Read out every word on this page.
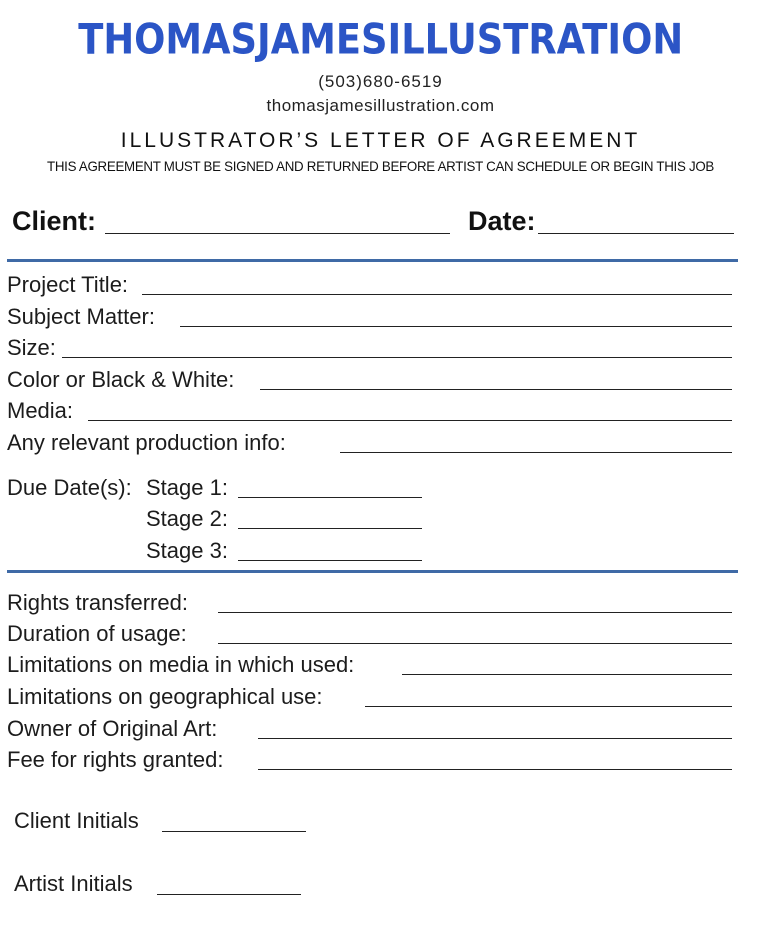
THOMASJAMESILLUSTRATION
(503)680-6519
thomasjamesillustration.com
ILLUSTRATOR’S LETTER OF AGREEMENT
THIS AGREEMENT MUST BE SIGNED AND RETURNED BEFORE ARTIST CAN SCHEDULE OR BEGIN THIS JOB
Client:	Date:
Project Title:
Subject Matter:
Size:
Color or Black & White:
Media:
Any relevant production info:
Due Date(s): Stage 1:
Stage 2:
Stage 3:
Rights transferred:
Duration of usage:
Limitations on media in which used:
Limitations on geographical use:
Owner of Original Art:
Fee for rights granted:
Client Initials
Artist Initials
